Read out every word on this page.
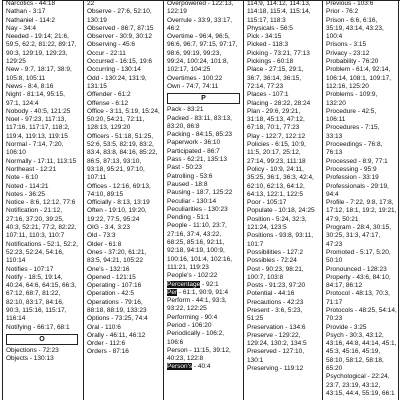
Narcotics - 44:18
Nathan - 3:17
Nathaniel - 114:2
Nay - 34:4
Needed - 19:14; 21:6, 59:5, 62:2, 81:22, 89:17, 90:3, 129:19, 129:23, 129:25
New - 9:7, 18:17, 38:9, 105:8, 105:11
News - 8:4, 8:16
Night - 81:14, 95:15, 97:1, 124:4
Nobody - 40:5, 121:25
Noel - 97:23, 117:13, 117:16, 117:17, 118:2, 119:4, 119:13, 119:15
Normal - 7:14, 7:20, 106:10
Normally - 17:11, 113:15
Northeast - 12:21
Note - 6:10
Noted - 114:21
Notes - 36:25
Notice - 8:6, 12:12, 77:6
Notification - 21:12, 27:16, 37:20, 39:25, 40:3, 52:21, 77:2, 82:22, 107:11, 110:3, 110:7
Notifications - 52:1, 52:2, 52:23, 52:24, 54:16, 110:14
Notifies - 107:17
Notify - 18:5, 19:14, 40:24, 64:6, 64:15, 66:3, 67:12, 68:7, 81:22, 82:10, 83:17, 84:16, 90:3, 115:16, 115:17, 116:14
Notifying - 66:17, 68:1
O
Objections - 72:23
Objects - 130:13
22
Observe - 27:6, 52:10, 130:19
Observed - 86:7, 87:15
Observer - 30:9, 30:12
Observing - 45:6
Occur - 22:11
Occurred - 16:15, 19:6
Occurring - 130:14
Odd - 130:24, 131:9, 131:15
Offender - 61:2
Offense - 6:12
Office - 3:11, 5:19, 15:24, 50:20, 54:21, 72:11, 128:13, 129:20
Officers - 51:18, 51:25, 52:6, 53:5, 82:19, 83:2, 83:4, 83:8, 84:16, 85:22, 86:5, 87:13, 93:10, 93:18, 95:21, 97:10, 107:11
Offices - 12:16, 69:13, 74:10, 89:15
Officially - 8:13, 13:19
Often - 19:10, 19:20, 19:22, 77:5, 95:24
OIG - 3:4, 3:23
Old - 73:3
Older - 61:8
Ones - 37:20, 61:21, 83:5, 94:21, 105:22
One's - 132:16
Opened - 121:15
Operating - 107:16
Operation - 42:5
Operations - 79:16, 88:18, 88:19, 133:23
Options - 73:25, 74:4
Oral - 110:6
Orally - 46:11, 46:12
Order - 112:6
Orders - 87:16
Overpowered - 122:13, 122:19
Overrule - 33:9, 33:17, 46:2
Overtime - 96:4, 96:5, 96:6, 96:7, 97:15, 97:17, 98:6, 99:19, 99:23, 99:24, 100:24, 101:8, 102:17, 104:25
Overtimes - 100:22
Own - 74:7, 74:11
P
Pack - 83:21
Packed - 83:11, 83:13, 83:20, 86:8
Packing - 84:15, 85:23
Paperwork - 36:10
Participated - 86:7
Pass - 62:21, 135:13
Past - 50:23
Patrolling - 53:6
Paused - 18:8
Pausing - 18:7, 125:22
Peculiar - 130:14
Peculiarities - 130:23
Pending - 51:1
People - 11:10, 23:7, 27:16, 37:4, 43:22, 68:25, 85:16, 92:11, 92:18, 94:19, 100:9, 100:16, 101:4, 102:16, 111:21, 119:23
People's - 102:22
Percentage - 92:1
Per - 61:1, 90:9, 91:4
Perform - 44:1, 93:3, 93:22, 122:25
Performing - 90:4
Period - 106:20
Periodically - 106:2, 106:6
Person - 11:15, 39:12, 40:23, 122:8
Person's - 40:4
114:9, 114:12, 114:13, 114:18, 115:4, 115:14, 115:17, 118:3
Physicals - 56:5
Pick - 34:15
Picked - 118:3
Picking - 73:21, 77:13
Pickings - 60:18
Place - 27:15, 29:1, 36:7, 36:14, 36:15, 72:14, 77:23
Places - 107:1
Placing - 28:22, 28:24
Plan - 29:6, 29:21, 31:18, 45:13, 47:12, 67:18, 70:1, 77:23
Play - 122:7, 122:12
Policies - 6:15, 10:9, 11:5, 20:17, 25:12, 27:14, 99:23, 111:18
Policy - 10:9, 24:11, 35:25, 36:1, 36:3, 42:4, 62:10, 62:13, 64:12, 64:13, 122:1, 122:5
Poor - 105:17
Populate - 10:18, 24:25
Position - 5:24, 32:3, 121:24, 123:5
Positions - 93:8, 93:11, 101:7
Possibilities - 127:2
Possibles - 72:24
Post - 90:23, 98:21, 100:7, 103:8
Posts - 91:23, 97:20
Potential - 44:16
Precautions - 42:23
Present - 3:6, 5:23, 51:25
Preservation - 134:6
Preserve - 129:22, 129:24, 130:2, 134:5
Preserved - 127:10, 130:1
Preserving - 119:12
Previous - 103:6
Prior - 76:2
Prison - 6:6, 6:16, 35:19, 43:14, 43:23, 100:4
Prisons - 3:15
Privacy - 23:12
Probability - 76:20
Problem - 61:4, 92:14, 106:14, 108:1, 109:17, 112:16, 125:20
Problems - 109:9, 132:20
Procedure - 42:5, 106:11
Procedures - 7:15, 33:13
Proceedings - 76:8, 76:13
Processed - 8:9, 77:1
Processing - 95:9
Profession - 33:19
Professionals - 29:19, 94:4
Profile - 7:22, 9:8, 17:8, 17:12, 18:1, 19:2, 19:21, 47:9, 50:21
Program - 28:4, 30:15, 30:25, 31:3, 47:17, 47:23
Promoted - 5:17, 5:20, 50:10
Pronounced - 128:23
Property - 43:6, 84:10, 84:17, 86:12
Protocol - 48:13, 70:3, 71:17
Protocols - 48:25, 54:14, 70:23
Provide - 3:25
Psych - 30:3, 43:12, 43:16, 44:8, 44:14, 45:1, 45:3, 45:16, 45:19, 58:10, 58:12, 58:18, 65:20
Psychological - 22:24, 23:7, 23:19, 43:12, 43:15, 44:4, 55:19, 66:1
